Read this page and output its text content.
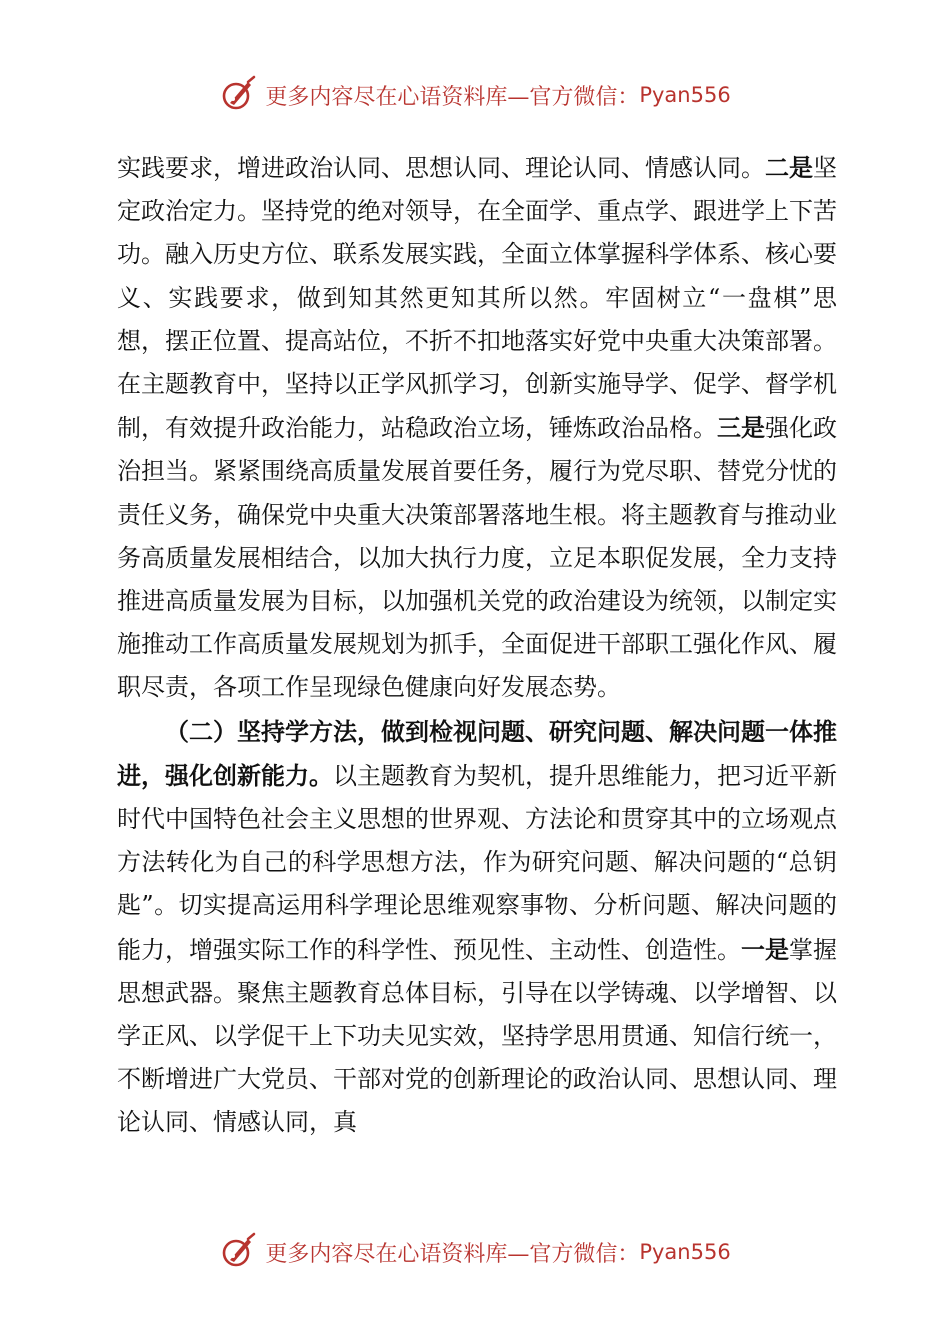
更多内容尽在心语资料库—官方微信： Pyan556

实践要求，增进政治认同、思想认同、理论认同、情感认同。二是坚定政治定力。坚持党的绝对领导，在全面学、重点学、跟进学上下苦功。融入历史方位、联系发展实践，全面立体掌握科学体系、核心要义、实践要求，做到知其然更知其所以然。牢固树立“一盘棋”思想，摆正位置、提高站位，不折不扣地落实好党中央重大决策部署。在主题教育中，坚持以正学风抓学习，创新实施导学、促学、督学机制，有效提升政治能力，站稳政治立场，锤炼政治品格。三是强化政治担当。紧紧围绕高质量发展首要任务，履行为党尽职、替党分忧的责任义务，确保党中央重大决策部署落地生根。将主题教育与推动业务高质量发展相结合，以加大执行力度，立足本职促发展，全力支持推进高质量发展为目标，以加强机关党的政治建设为统领，以制定实施推动工作高质量发展规划为抓手，全面促进干部职工强化作风、履职尽责，各项工作呈现绿色健康向好发展态势。

（二）坚持学方法，做到检视问题、研究问题、解决问题一体推进，强化创新能力。以主题教育为契机，提升思维能力，把习近平新时代中国特色社会主义思想的世界观、方法论和贯穿其中的立场观点方法转化为自己的科学思想方法，作为研究问题、解决问题的“总钥匙”。切实提高运用科学理论思维观察事物、分析问题、解决问题的能力，增强实际工作的科学性、预见性、主动性、创造性。一是掌握思想武器。聚焦主题教育总体目标，引导在以学铸魂、以学增智、以学正风、以学促干上下功夫见实效，坚持学思用贯通、知信行统一，不断增进广大党员、干部对党的创新理论的政治认同、思想认同、理论认同、情感认同，真

更多内容尽在心语资料库—官方微信： Pyan556
